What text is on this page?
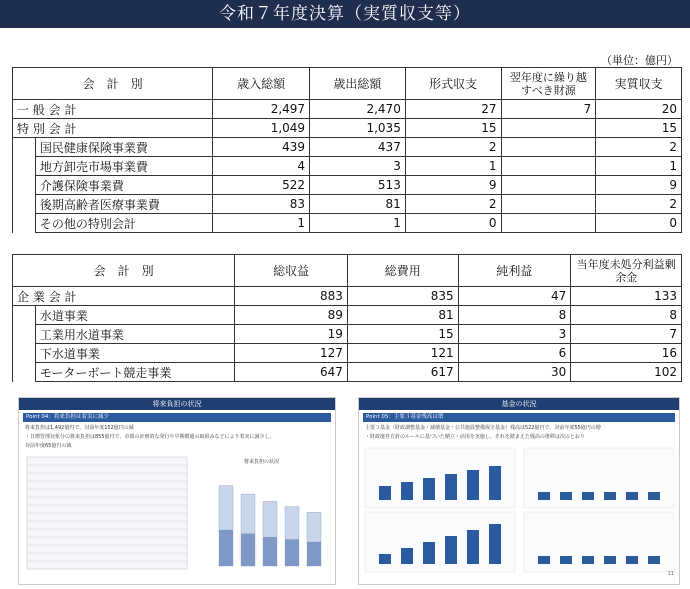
令和７年度決算（実質収支等）
（単位：億円）
会　計　別		歳入総額	歳出総額	形式収支	翌年度に繰り越すべき財源	実質収支
一 般 会 計		2,497	2,470	27	7	20
特 別 会 計		1,049	1,035	15		15
	国民健康保険事業費	439	437	2		2
	地方卸売市場事業費	4	3	1		1
	介護保険事業費	522	513	9		9
	後期高齢者医療事業費	83	81	2		2
	その他の特別会計	1	1	0		0
会　計　別		総収益	総費用	純利益	当年度未処分利益剰余金
企 業 会 計		883	835	47	133
	水道事業	89	81	8	8
	工業用水道事業	19	15	3	7
	下水道事業	127	121	6	16
	モーターボート競走事業	647	617	30	102
将来負担の状況
Point 04：将来負担は着実に減少
将来負担は1,492億円で、対前年度152億円の減
・日標管理対象分の将来負担は855億円で、市債の計画的な発行や早期償還の取組みなどにより着実に減少し、
対前年度65億円の減
将来負担の状況
基金の状況
Point 05：主要３基金残高は増
主要３基金（財政調整基金・減債基金・公共施設整備保全基金）残高は522億円で、対前年度55億円の増
・財政運営方針のルールに基づいた積立・活用を実施し、それを踏まえた残高の推移は次のとおり
11
